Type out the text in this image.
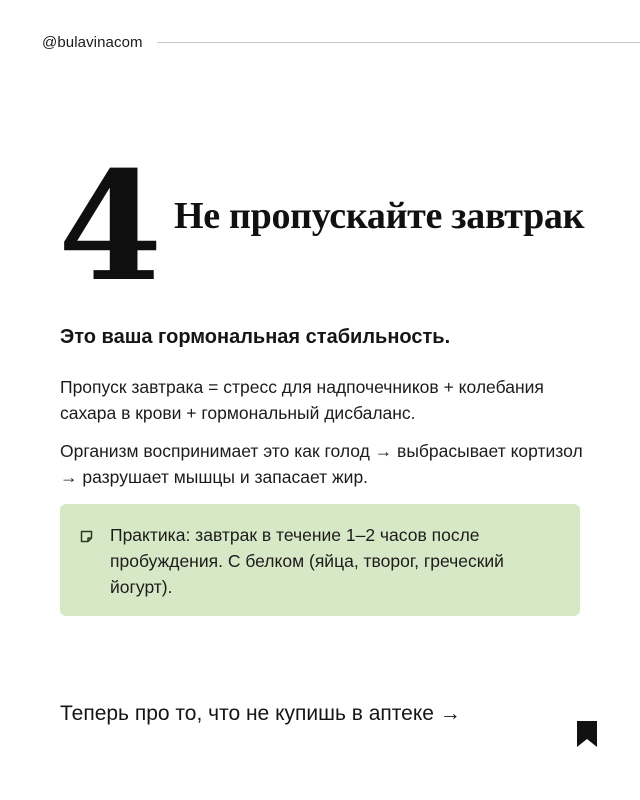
@bulavinacom
4 Не пропускайте завтрак

Это ваша гормональная стабильность.

Пропуск завтрака = стресс для надпочечников + колебания сахара в крови + гормональный дисбаланс.

Организм воспринимает это как голод → выбрасывает кортизол → разрушает мышцы и запасает жир.

Практика: завтрак в течение 1–2 часов после пробуждения. С белком (яйца, творог, греческий йогурт).
Теперь про то, что не купишь в аптеке →
